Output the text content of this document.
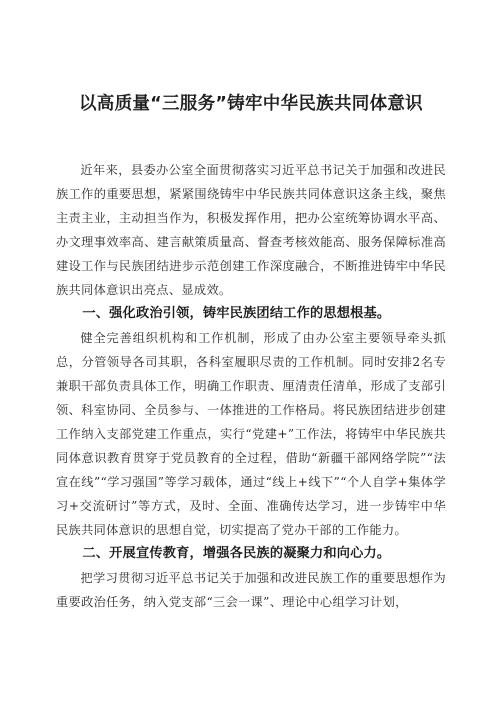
以高质量“三服务”铸牢中华民族共同体意识

近年来，县委办公室全面贯彻落实习近平总书记关于加强和改进民族工作的重要思想，紧紧围绕铸牢中华民族共同体意识这条主线，聚焦主责主业，主动担当作为，积极发挥作用，把办公室统筹协调水平高、办文理事效率高、建言献策质量高、督查考核效能高、服务保障标准高建设工作与民族团结进步示范创建工作深度融合，不断推进铸牢中华民族共同体意识出亮点、显成效。

一、强化政治引领，铸牢民族团结工作的思想根基。

健全完善组织机构和工作机制，形成了由办公室主要领导牵头抓总，分管领导各司其职，各科室履职尽责的工作机制。同时安排2名专兼职干部负责具体工作，明确工作职责、厘清责任清单，形成了支部引领、科室协同、全员参与、一体推进的工作格局。将民族团结进步创建工作纳入支部党建工作重点，实行“党建+”工作法，将铸牢中华民族共同体意识教育贯穿于党员教育的全过程，借助“新疆干部网络学院”“法宣在线”“学习强国”等学习载体，通过“线上+线下”“个人自学+集体学习+交流研讨”等方式，及时、全面、准确传达学习，进一步铸牢中华民族共同体意识的思想自觉，切实提高了党办干部的工作能力。

二、开展宣传教育，增强各民族的凝聚力和向心力。

把学习贯彻习近平总书记关于加强和改进民族工作的重要思想作为重要政治任务，纳入党支部“三会一课”、理论中心组学习计划，
